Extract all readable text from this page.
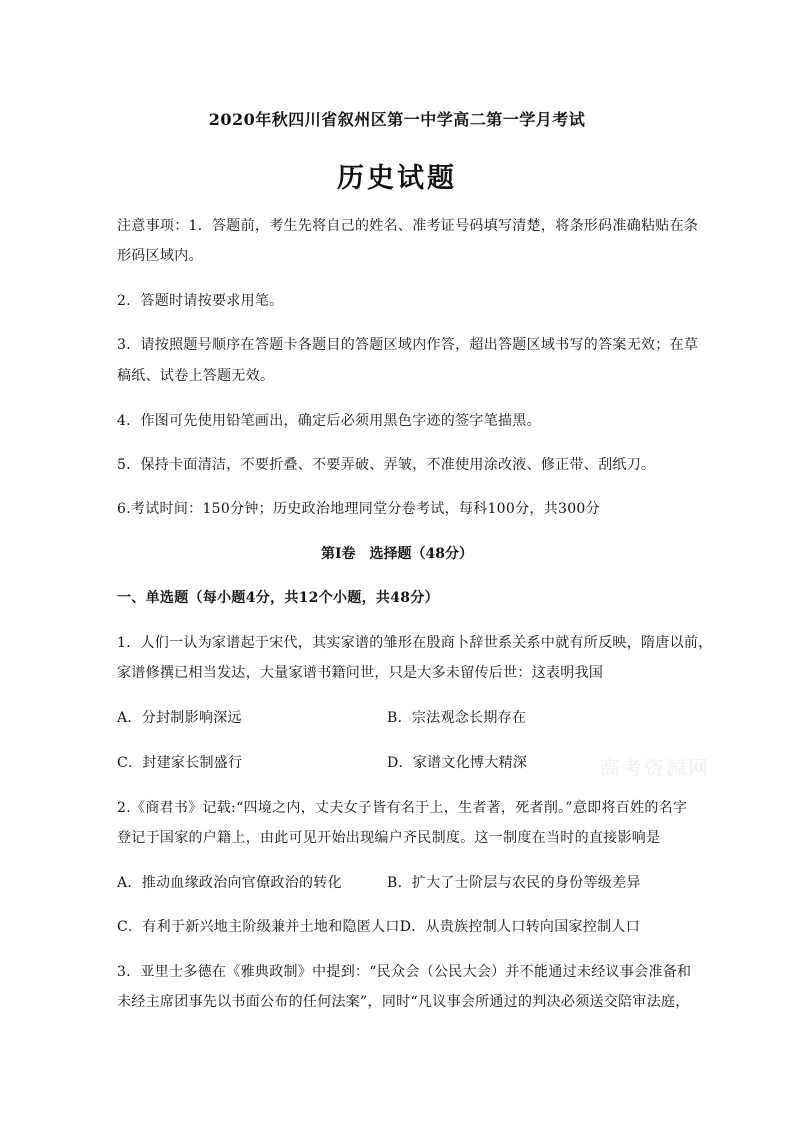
2020年秋四川省叙州区第一中学高二第一学月考试
历史试题
注意事项：1．答题前，考生先将自己的姓名、准考证号码填写清楚，将条形码准确粘贴在条
形码区域内。
2．答题时请按要求用笔。
3．请按照题号顺序在答题卡各题目的答题区域内作答，超出答题区域书写的答案无效；在草
稿纸、试卷上答题无效。
4．作图可先使用铅笔画出，确定后必须用黑色字迹的签字笔描黑。
5．保持卡面清洁，不要折叠、不要弄破、弄皱，不准使用涂改液、修正带、刮纸刀。
6.考试时间：150分钟；历史政治地理同堂分卷考试，每科100分，共300分
第I卷　选择题（48分）
一、单选题（每小题4分，共12个小题，共48分）
1．人们一认为家谱起于宋代，其实家谱的雏形在殷商卜辞世系关系中就有所反映，隋唐以前，
家谱修撰已相当发达，大量家谱书籍问世，只是大多未留传后世：这表明我国
A．分封制影响深远	B．宗法观念长期存在
C．封建家长制盛行	D．家谱文化博大精深
2.《商君书》记载:“四境之内，丈夫女子皆有名于上，生者著，死者削。”意即将百姓的名字
登记于国家的户籍上，由此可见开始出现编户齐民制度。这一制度在当时的直接影响是
A．推动血缘政治向官僚政治的转化	B．扩大了士阶层与农民的身份等级差异
C．有利于新兴地主阶级兼并土地和隐匿人口D．从贵族控制人口转向国家控制人口
3．亚里士多德在《雅典政制》中提到：“民众会（公民大会）并不能通过未经议事会准备和
未经主席团事先以书面公布的任何法案”，同时“凡议事会所通过的判决必须送交陪审法庭，
高考资源网
